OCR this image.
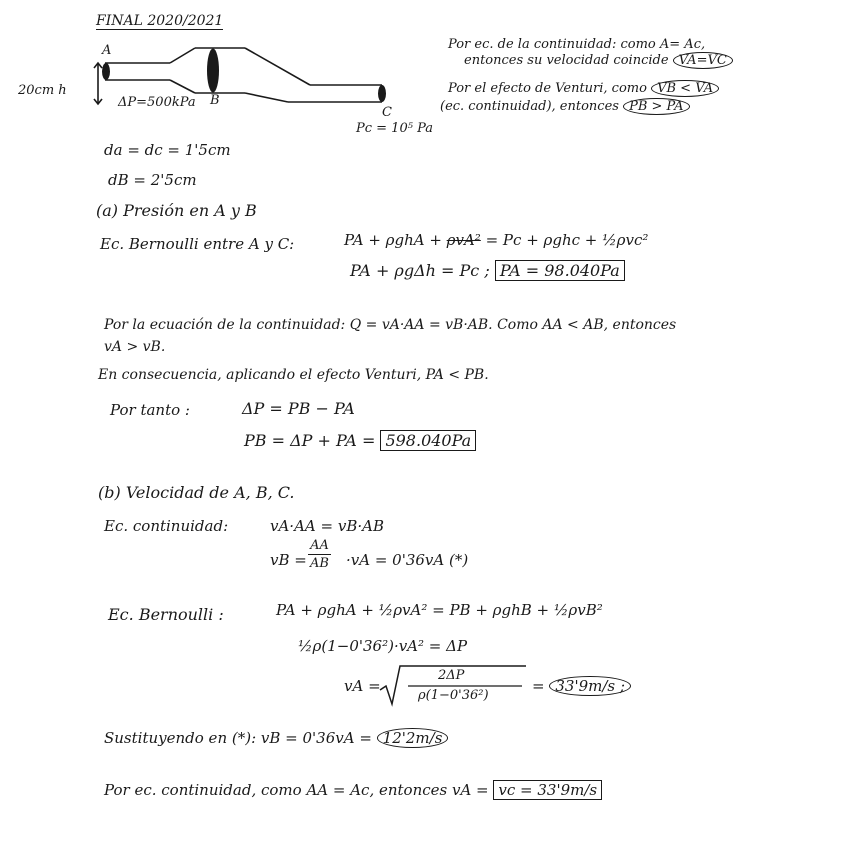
FINAL 2020/2021
A
B
C
20cm h
ΔP=500kPa
Pc = 10⁵ Pa
Por ec. de la continuidad: como A= Ac,
entonces su velocidad coincide VA=VC
Por el efecto de Venturi, como VB < VA
(ec. continuidad), entonces PB > PA
da = dc = 1'5cm
dB = 2'5cm
(a) Presión en A y B
Ec. Bernoulli entre A y C:	PA + ρghA + ρvA² = Pc + ρghc + ½ρvc²
PA + ρgΔh = Pc ; PA = 98.040Pa
Por la ecuación de la continuidad: Q = vA·AA = vB·AB. Como AA < AB, entonces
vA > vB.
En consecuencia, aplicando el efecto Venturi, PA < PB.
Por tanto :	ΔP = PB − PA
PB = ΔP + PA = 598.040Pa
(b) Velocidad de A, B, C.
Ec. continuidad:	vA·AA = vB·AB
vB =
AA
AB ·vA = 0'36vA (*)
Ec. Bernoulli :	PA + ρghA + ½ρvA² = PB + ρghB + ½ρvB²
½ρ(1−0'36²)·vA² = ΔP
vA =
2ΔP
ρ(1−0'36²)
= 33'9m/s ;
Sustituyendo en (*): vB = 0'36vA = 12'2m/s
Por ec. continuidad, como AA = Ac, entonces vA = vc = 33'9m/s
